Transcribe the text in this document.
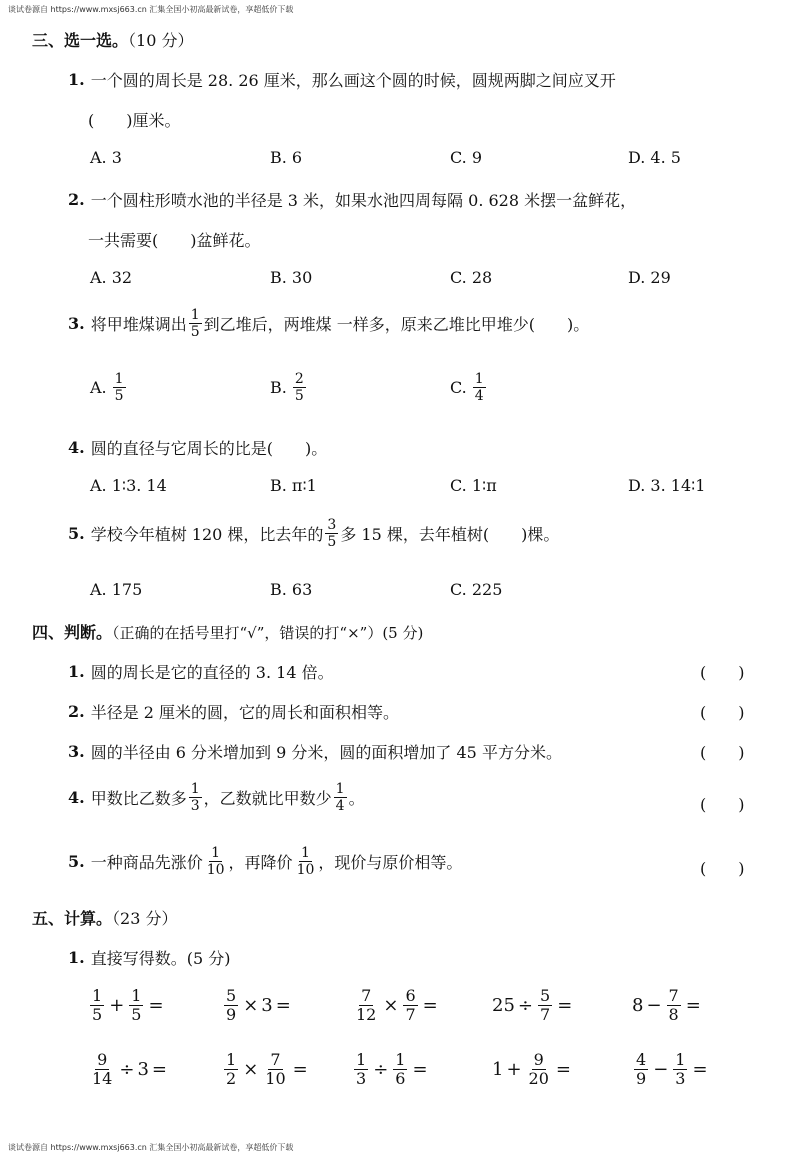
谈试卷源自 https://www.mxsj663.cn 汇集全国小初高最新试卷，享超低价下载
三、选一选。（10 分）
1. 一个圆的周长是 28. 26 厘米，那么画这个圆的时候，圆规两脚之间应叉开
(　　)厘米。
A. 3	B. 6	C. 9	D. 4. 5
2. 一个圆柱形喷水池的半径是 3 米，如果水池四周每隔 0. 628 米摆一盆鲜花，
一共需要(　　)盆鲜花。
A. 32	B. 30	C. 28	D. 29
3. 将甲堆煤调出 $\frac{1}{5}$ 到乙堆后，两堆煤 一样多，原来乙堆比甲堆少(　　)。
A. $\frac{1}{5}$	B. $\frac{2}{5}$	C. $\frac{1}{4}$
4. 圆的直径与它周长的比是(　　)。
A. 1∶3. 14	B. π∶1	C. 1∶π	D. 3. 14∶1
5. 学校今年植树 120 棵，比去年的 $\frac{3}{5}$ 多 15 棵，去年植树(　　)棵。
A. 175	B. 63	C. 225
四、判断。（正确的在括号里打“√”，错误的打“×”）(5 分)
1. 圆的周长是它的直径的 3. 14 倍。	(　　)
2. 半径是 2 厘米的圆，它的周长和面积相等。	(　　)
3. 圆的半径由 6 分米增加到 9 分米，圆的面积增加了 45 平方分米。	(　　)
4. 甲数比乙数多 $\frac{1}{3}$ ，乙数就比甲数少 $\frac{1}{4}$ 。	(　　)
5. 一种商品先涨价 $\frac{1}{10}$ ，再降价 $\frac{1}{10}$ ，现价与原价相等。	(　　)
五、计算。（23 分）
1. 直接写得数。(5 分)
$\frac{1}{5} + \frac{1}{5}$ =	$\frac{5}{9} \times 3$ =	$\frac{7}{12} \times \frac{6}{7}$ =	$25 \div \frac{5}{7}$ =	$8 - \frac{7}{8}$ =
$\frac{9}{14} \div 3$ =	$\frac{1}{2} \times \frac{7}{10}$ =	$\frac{1}{3} \div \frac{1}{6}$ =	$1 + \frac{9}{20}$ =	$\frac{4}{9} - \frac{1}{3}$ =
谈试卷源自 https://www.mxsj663.cn 汇集全国小初高最新试卷，享超低价下载
